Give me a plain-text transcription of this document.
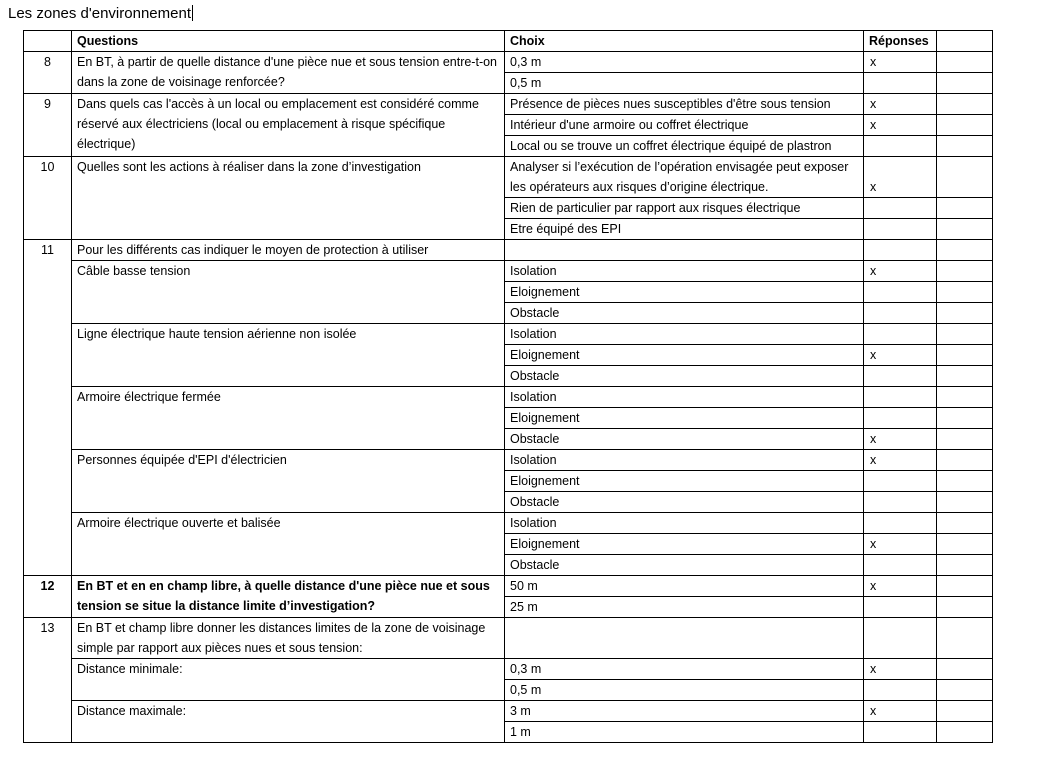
Les zones d'environnement
	Questions	Choix	Réponses	
8	En BT, à partir de quelle distance d'une pièce nue et sous tension entre-t-on dans la zone de voisinage renforcée?	0,3 m	x	
		0,5 m		
9	Dans quels cas l'accès à un local ou emplacement est considéré comme réservé aux électriciens (local ou emplacement à risque spécifique électrique)	Présence de pièces nues susceptibles d'être sous tension	x	
		Intérieur d'une armoire ou coffret électrique	x	
		Local ou se trouve un coffret électrique équipé de plastron		
10	Quelles sont les actions à réaliser dans la zone d’investigation	Analyser si l’exécution de l’opération envisagée peut exposer les opérateurs aux risques d’origine électrique.	x	
		Rien de particulier par rapport aux risques électrique		
		Etre équipé des EPI		
11	Pour les différents cas indiquer le moyen de protection à utiliser			
	Câble basse tension	Isolation	x	
		Eloignement		
		Obstacle		
	Ligne électrique haute tension aérienne non isolée	Isolation		
		Eloignement	x	
		Obstacle		
	Armoire électrique fermée	Isolation		
		Eloignement		
		Obstacle	x	
	Personnes équipée d'EPI d'électricien	Isolation	x	
		Eloignement		
		Obstacle		
	Armoire électrique ouverte et balisée	Isolation		
		Eloignement	x	
		Obstacle		
12	En BT et en en champ libre, à quelle distance d'une pièce nue et sous tension se situe la distance limite d’investigation?	50 m	x	
		25 m		
13	En BT et champ libre donner les distances limites de la zone de voisinage simple par rapport aux pièces nues et sous tension:			
	Distance minimale:	0,3 m	x	
		0,5 m		
	Distance maximale:	3 m	x	
		1 m		
